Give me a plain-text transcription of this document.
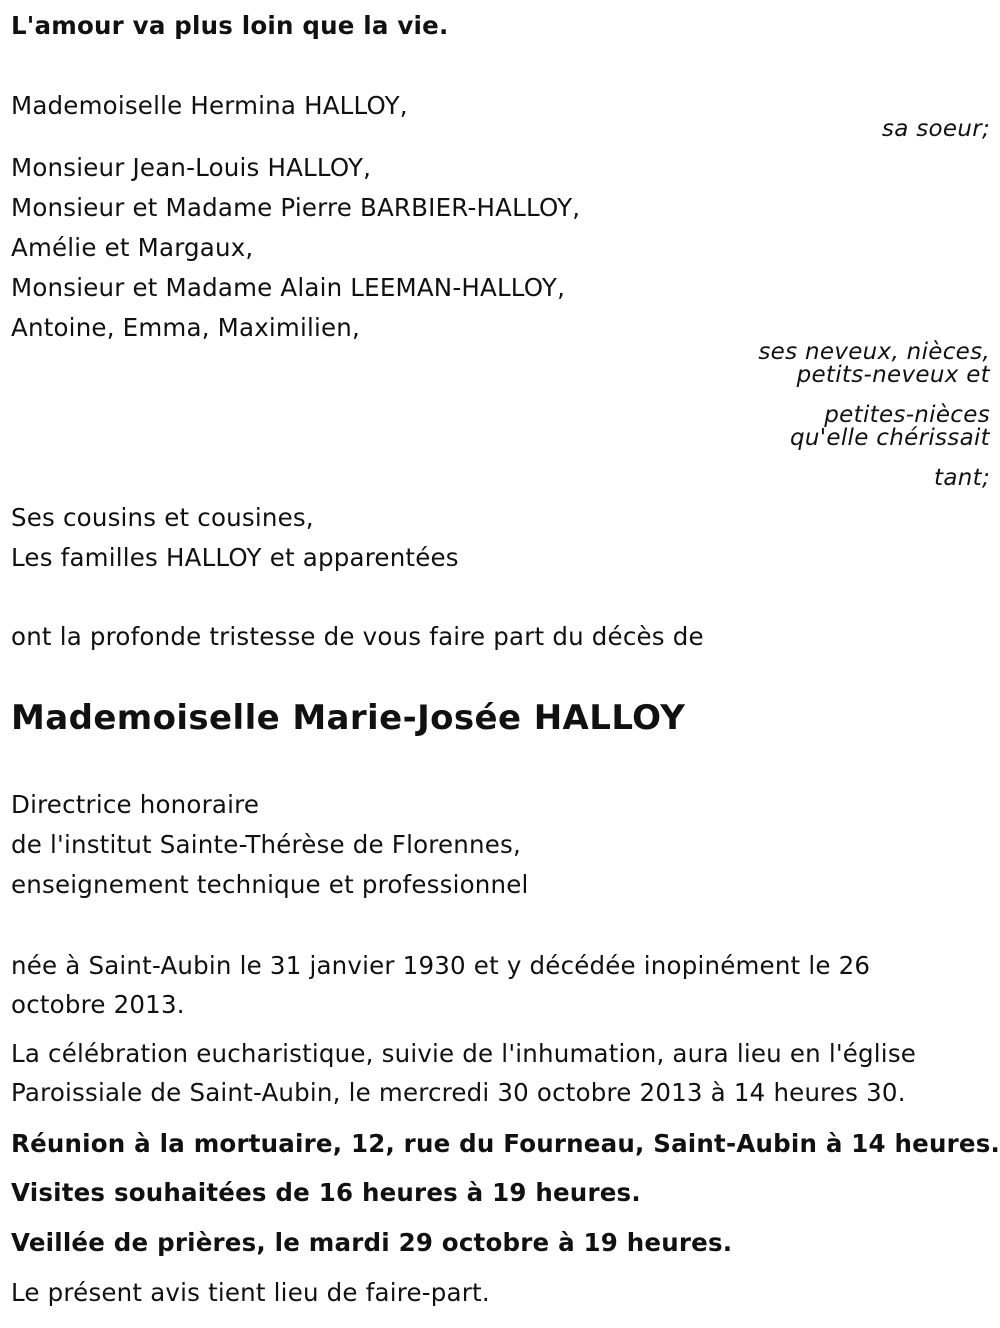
L'amour va plus loin que la vie.

Mademoiselle Hermina HALLOY,

sa soeur;

Monsieur Jean-Louis HALLOY,

Monsieur et Madame Pierre BARBIER-HALLOY,

Amélie et Margaux,

Monsieur et Madame Alain LEEMAN-HALLOY,

Antoine, Emma, Maximilien,

ses neveux, nièces,

petits-neveux et

petites-nièces

qu'elle chérissait

tant;

Ses cousins et cousines,

Les familles HALLOY et apparentées

ont la profonde tristesse de vous faire part du décès de

Mademoiselle Marie-Josée HALLOY

Directrice honoraire

de l'institut Sainte-Thérèse de Florennes,

enseignement technique et professionnel

née à Saint-Aubin le 31 janvier 1930 et y décédée inopinément le 26

octobre 2013.

La célébration eucharistique, suivie de l'inhumation, aura lieu en l'église

Paroissiale de Saint-Aubin, le mercredi 30 octobre 2013 à 14 heures 30.

Réunion à la mortuaire, 12, rue du Fourneau, Saint-Aubin à 14 heures.

Visites souhaitées de 16 heures à 19 heures.

Veillée de prières, le mardi 29 octobre à 19 heures.

Le présent avis tient lieu de faire-part.
